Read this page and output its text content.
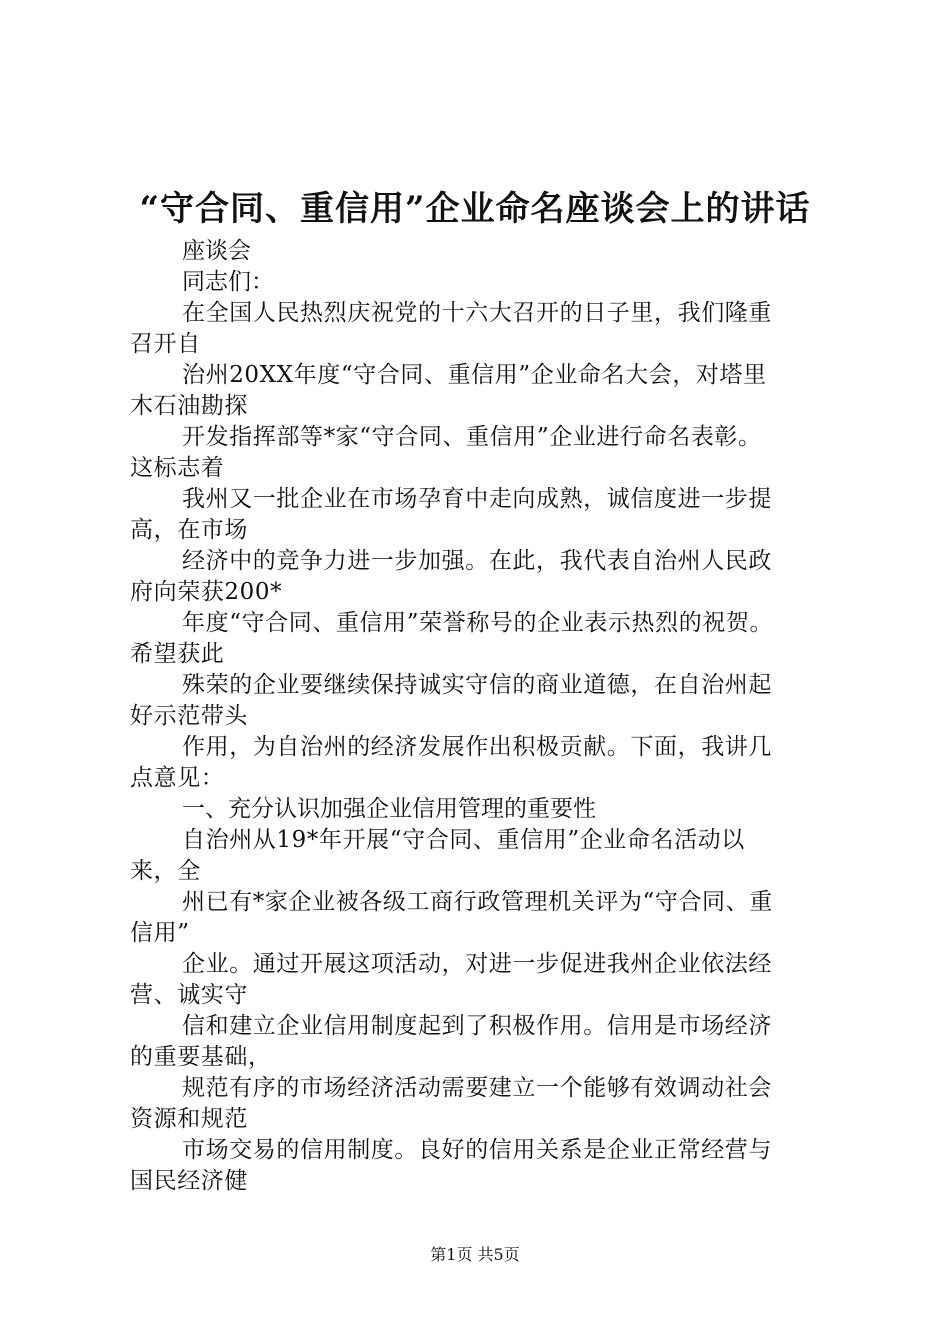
“守合同、重信用”企业命名座谈会上的讲话

座谈会

同志们：

在全国人民热烈庆祝党的十六大召开的日子里，我们隆重
召开自

治州20XX年度“守合同、重信用”企业命名大会，对塔里
木石油勘探

开发指挥部等*家“守合同、重信用”企业进行命名表彰。
这标志着

我州又一批企业在市场孕育中走向成熟，诚信度进一步提
高，在市场

经济中的竞争力进一步加强。在此，我代表自治州人民政
府向荣获200*

年度“守合同、重信用”荣誉称号的企业表示热烈的祝贺。
希望获此

殊荣的企业要继续保持诚实守信的商业道德，在自治州起
好示范带头

作用，为自治州的经济发展作出积极贡献。下面，我讲几
点意见：

一、充分认识加强企业信用管理的重要性

自治州从19*年开展“守合同、重信用”企业命名活动以
来，全

州已有*家企业被各级工商行政管理机关评为“守合同、重
信用”

企业。通过开展这项活动，对进一步促进我州企业依法经
营、诚实守

信和建立企业信用制度起到了积极作用。信用是市场经济
的重要基础，

规范有序的市场经济活动需要建立一个能够有效调动社会
资源和规范

市场交易的信用制度。良好的信用关系是企业正常经营与
国民经济健

第1页 共5页
